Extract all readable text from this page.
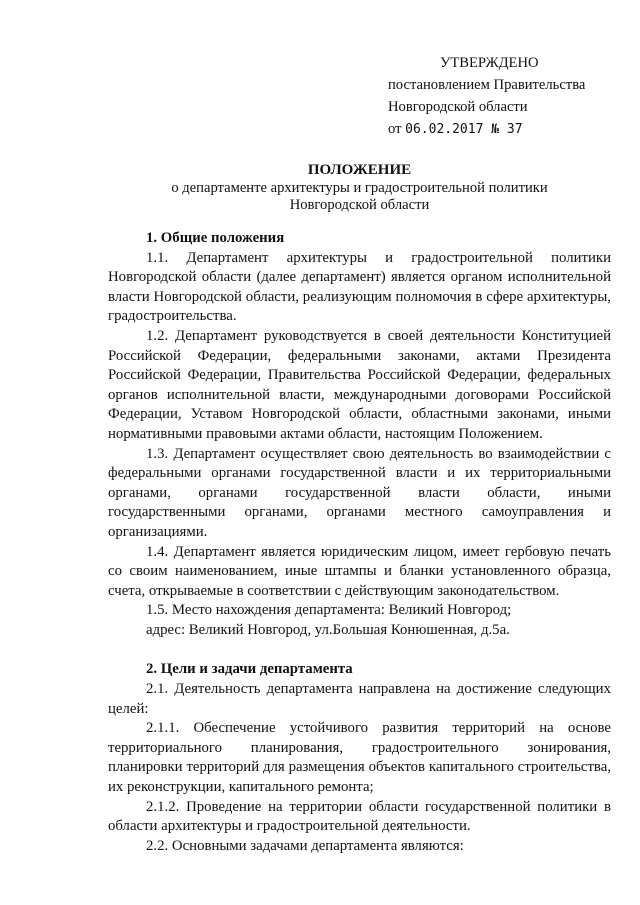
УТВЕРЖДЕНО
постановлением Правительства
Новгородской области
от 06.02.2017 № 37
ПОЛОЖЕНИЕ
о департаменте архитектуры и градостроительной политики
Новгородской области
1. Общие положения

1.1. Департамент архитектуры и градостроительной политики Новгородской области (далее департамент) является органом исполнительной власти Новгородской области, реализующим полномочия в сфере архитектуры, градостроительства.

1.2. Департамент руководствуется в своей деятельности Конституцией Российской Федерации, федеральными законами, актами Президента Российской Федерации, Правительства Российской Федерации, федеральных органов исполнительной власти, международными договорами Российской Федерации, Уставом Новгородской области, областными законами, иными нормативными правовыми актами области, настоящим Положением.

1.3. Департамент осуществляет свою деятельность во взаимодействии с федеральными органами государственной власти и их территориальными органами, органами государственной власти области, иными государственными органами, органами местного самоуправления и организациями.

1.4. Департамент является юридическим лицом, имеет гербовую печать со своим наименованием, иные штампы и бланки установленного образца, счета, открываемые в соответствии с действующим законодательством.

1.5. Место нахождения департамента: Великий Новгород;

адрес: Великий Новгород, ул.Большая Конюшенная, д.5а.

2. Цели и задачи департамента

2.1. Деятельность департамента направлена на достижение следующих целей:

2.1.1. Обеспечение устойчивого развития территорий на основе территориального планирования, градостроительного зонирования, планировки территорий для размещения объектов капитального строительства, их реконструкции, капитального ремонта;

2.1.2. Проведение на территории области государственной политики в области архитектуры и градостроительной деятельности.

2.2. Основными задачами департамента являются:
